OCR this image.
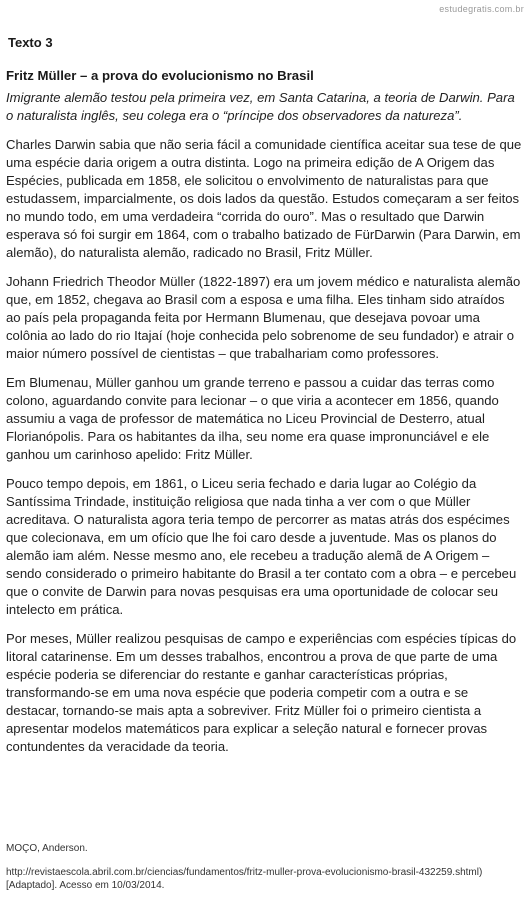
estudegratis.com.br
Texto 3
Fritz Müller – a prova do evolucionismo no Brasil

Imigrante alemão testou pela primeira vez, em Santa Catarina, a teoria de Darwin. Para o naturalista inglês, seu colega era o “príncipe dos observadores da natureza”.

Charles Darwin sabia que não seria fácil a comunidade científica aceitar sua tese de que uma espécie daria origem a outra distinta. Logo na primeira edição de A Origem das Espécies, publicada em 1858, ele solicitou o envolvimento de naturalistas para que estudassem, imparcialmente, os dois lados da questão. Estudos começaram a ser feitos no mundo todo, em uma verdadeira “corrida do ouro”. Mas o resultado que Darwin esperava só foi surgir em 1864, com o trabalho batizado de FürDarwin (Para Darwin, em alemão), do naturalista alemão, radicado no Brasil, Fritz Müller.

Johann Friedrich Theodor Müller (1822-1897) era um jovem médico e naturalista alemão que, em 1852, chegava ao Brasil com a esposa e uma filha. Eles tinham sido atraídos ao país pela propaganda feita por Hermann Blumenau, que desejava povoar uma colônia ao lado do rio Itajaí (hoje conhecida pelo sobrenome de seu fundador) e atrair o maior número possível de cientistas – que trabalhariam como professores.

Em Blumenau, Müller ganhou um grande terreno e passou a cuidar das terras como colono, aguardando convite para lecionar – o que viria a acontecer em 1856, quando assumiu a vaga de professor de matemática no Liceu Provincial de Desterro, atual Florianópolis. Para os habitantes da ilha, seu nome era quase impronunciável e ele ganhou um carinhoso apelido: Fritz Müller.

Pouco tempo depois, em 1861, o Liceu seria fechado e daria lugar ao Colégio da Santíssima Trindade, instituição religiosa que nada tinha a ver com o que Müller acreditava. O naturalista agora teria tempo de percorrer as matas atrás dos espécimes que colecionava, em um ofício que lhe foi caro desde a juventude. Mas os planos do alemão iam além. Nesse mesmo ano, ele recebeu a tradução alemã de A Origem – sendo considerado o primeiro habitante do Brasil a ter contato com a obra – e percebeu que o convite de Darwin para novas pesquisas era uma oportunidade de colocar seu intelecto em prática.

Por meses, Müller realizou pesquisas de campo e experiências com espécies típicas do litoral catarinense. Em um desses trabalhos, encontrou a prova de que parte de uma espécie poderia se diferenciar do restante e ganhar características próprias, transformando-se em uma nova espécie que poderia competir com a outra e se destacar, tornando-se mais apta a sobreviver. Fritz Müller foi o primeiro cientista a apresentar modelos matemáticos para explicar a seleção natural e fornecer provas contundentes da veracidade da teoria.

MOÇO, Anderson.
http://revistaescola.abril.com.br/ciencias/fundamentos/fritz-muller-prova-evolucionismo-brasil-432259.shtml) [Adaptado]. Acesso em 10/03/2014.
